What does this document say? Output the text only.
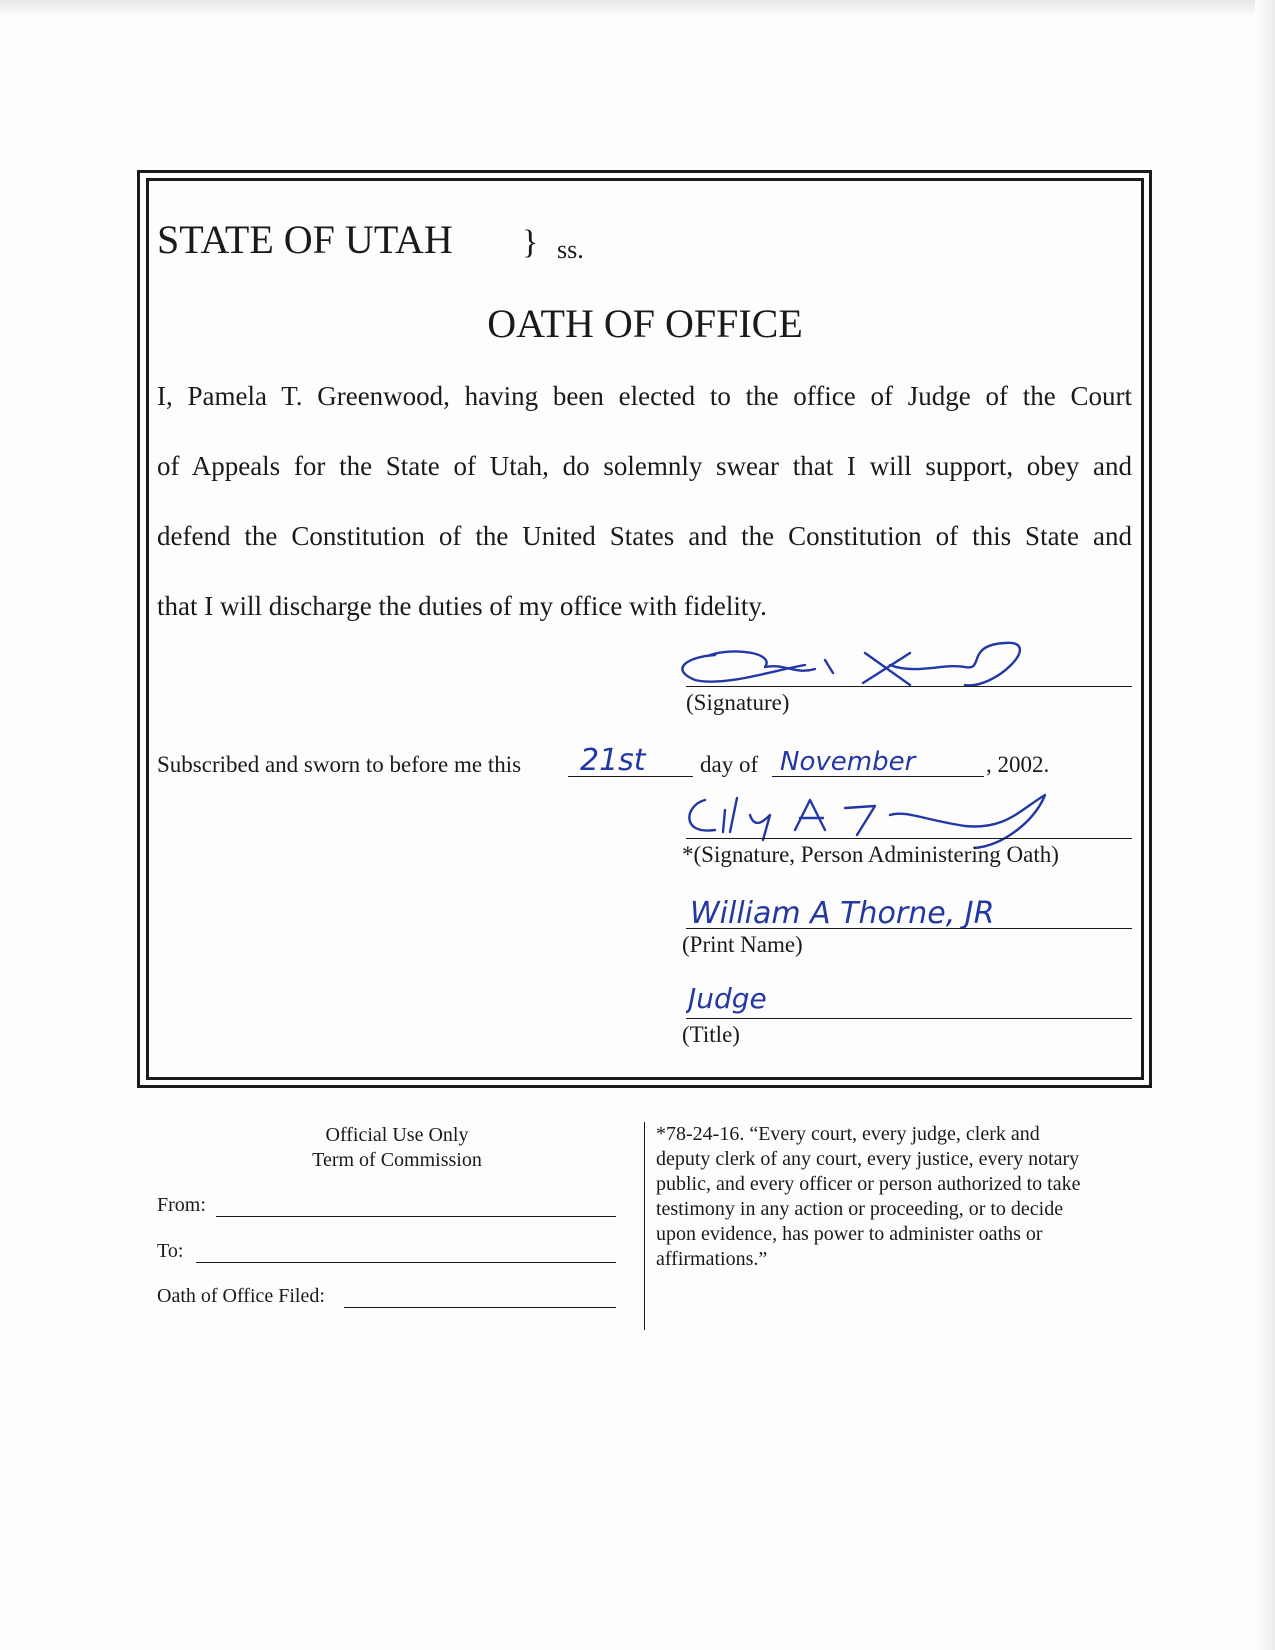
STATE OF UTAH } ss.
OATH OF OFFICE
I, Pamela T. Greenwood, having been elected to the office of Judge of the Court
of Appeals for the State of Utah, do solemnly swear that I will support, obey and
defend the Constitution of the United States and the Constitution of this State and
that I will discharge the duties of my office with fidelity.
(Signature)
Subscribed and sworn to before me this 21st day of November	, 2002.
*(Signature, Person Administering Oath)
William A Thorne, JR
(Print Name)
Judge
(Title)
Official Use Only
Term of Commission
From:
To:
Oath of Office Filed:
*78-24-16. “Every court, every judge, clerk and
deputy clerk of any court, every justice, every notary
public, and every officer or person authorized to take
testimony in any action or proceeding, or to decide
upon evidence, has power to administer oaths or
affirmations.”
